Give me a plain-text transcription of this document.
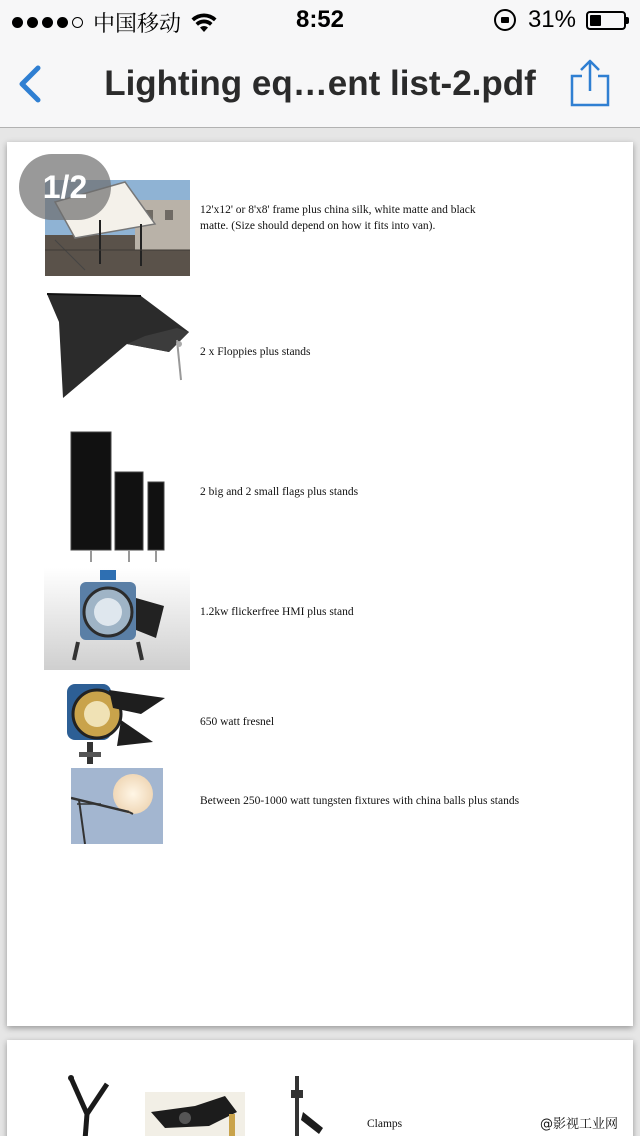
中国移动	8:52	31%
Lighting eq…ent list-2.pdf
12'x12' or 8'x8' frame plus china silk, white matte and black matte. (Size should depend on how it fits into van).
2 x Floppies plus stands
2 big and 2 small flags plus stands
1.2kw flickerfree HMI plus stand
650 watt fresnel
Between 250-1000 watt tungsten fixtures with china balls plus stands
1/2
Clamps	@影视工业网
